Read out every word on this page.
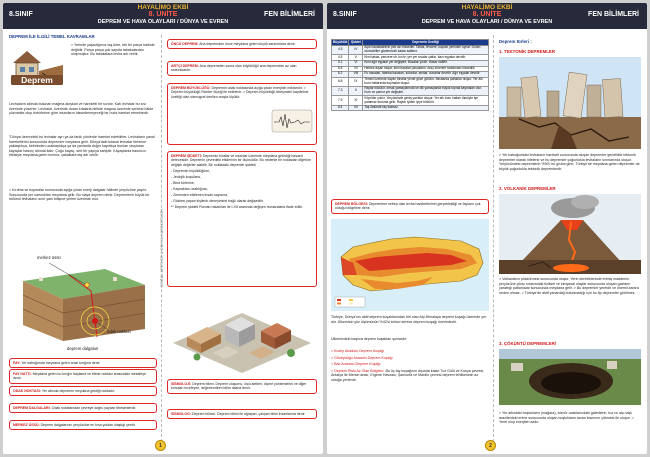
8.SINIF
HAYALİMO EKBİ
8. ÜNİTE
DEPREM VE HAVA OLAYLARI / DÜNYA VE EVREN
FEN BİLİMLERİ
DEPREM İLE İLGİLİ TEMEL KAVRAMLAR
Deprem
> Yerinde yaşadığımız taş küre, tek bir parça halinde değildir. Parça parça çok sayıda tabakalardan oluşmuştur. Bu tabakalara levha adı verilir.
Levhaların altında bulunan mağma akışkan ve hareketli bir sıvıdır. Katı levhalar bu sıvı üzerinde yüzerler. Levhalar, üzerinde duran kıtalarla birlikte magma üzerinde serbest hâlde yüzmekte olup birbirlerine göre insanların hissedemeyeceği bir hızla hareket etmektedir.
"Dünya üzerindeki bu levhalar ayrı ya da farklı yönlerde hareket edebilirler. Levhaların yanal hareketlerini sonucunda depremler meydana gelir. Dünya'daki kıtasal levhalar birbirine yaklaştıkça, birbirinden uzaklaştıkça ya da yanlarda doğru kaydıkça bunları oluşturan kayaçlar basınç altında kalır. Çoğu kayaç, sert bir yapıya sahiptir. Kayaçlarda basıncın etkisiyle meydana gelen kırılma, çatlaklara fay adı verilir.
> Kırılma ve kopmalar sonucunda açığa çıkan enerji dalgalar hâlinde yeryüzüne yayılır. Sonucunda yer sarsıntıları meydana gelir. Bu olaya deprem denir. Depremlerin büyük bir bölümü levhaların sınır yani bitişme yerleri üzerinde olur.
merkez üssü
odak noktası
deprem dalgaları
FAY: Yer kabuğunda meydana gelen arazi kırığına denir.
FAY HATTI: Meydana gelen bu kırığın başlama ve bitme noktası arasındaki mesafeye denir.
ODAK NOKTASI: Yer altında depremin meydana geldiği noktadır.
DEPREM DALGALARI: Odak noktasından çevreye doğru yayılan titreşimlerdir.
MERKEZ ÜSSÜ: Deprem dalgalarının yeryüzüne en kısa yoldan ulaştığı yerdir.
DOĞAL AFETLER & DÜNYA HAREKETLERİ
ÖNCÜ DEPREM: Ana depremden önce meydana gelen küçük sarsıntılara denir.
ARTÇI DEPREM: Ana depremden sonra olan büyüklüğü ana depremden az olan sarsıntılardır.
DEPREM BÜYÜKLÜĞÜ: Depremin odak noktasında açığa çıkan enerjinin miktarıdır. > Deprem büyüklüğü Richter ölçeği ile belirlenir. > Deprem büyüklüğü titreşimleri kaydetme özelliği olan sismograf denilen araçla ölçülür.
DEPREM ŞİDDETİ: Depremin binalar ve insanlar üzerinde meydana getirdiği hasarın derecesidir. Depremin çevredeki etkilerinin bir ölçüsüdür. Bu nedenle bir noktadan diğerine değişik değerler alabilir. Bir noktadaki depremin şiddeti;

- Depremin büyüklüğüne,

- Jeolojik koşullara,

- Bina türlerine,

- Kaynaktan uzaklığına,

- Zeminden etkilenen insan sayısına,

- Gözlem yapan kişilerin deneyimine bağlı olarak değişebilir.

** Deprem şiddeti Roman rakamları ile I-XII arasında değişen numaralarla ifade edilir.

SİSMOLOJİ: Deprem bilimi. Deprem oluşumu, ölçü aletleri, ölçme yöntemlerini ve diğer konuları inceleyen, değerlendiren bilim dalına denir.
SİSMOLOG: Deprem bilimci. Deprem bilimi ile uğraşan, çalışan bilim insanlarına denir.
1
8.SINIF
HAYALİMO EKBİ
8. ÜNİTE
DEPREM VE HAVA OLAYLARI / DÜNYA VE EVREN
FEN BİLİMLERİ
Büyüklük	Şiddet	Depremin Özelliği
4.3	IV	Açık havadakilerin pek azı hisseder. Tabak, tencere, kapılar yerinden oynar. Duran otomobiller gözlenecek kadar sallanır.
4.5	V	Kimi tabak, pencere vb. kırılır; yer yer sıvalar çatlar, bazı eşyalar devrilir.
5.1	VI	Kimi ağır eşyalar yer değiştirir. Bacalar yıkılır. Hasar hafiftir.
5.6	VII	Herkes dışarı kaçar; kimi bacalar parçalanır. Araç sürenler tarafından hissedilir.
6.2	VIII	Ev bacaları, fabrika bacaları, sütunlar, anıtlar, duvarlar devrilir. Ağır eşyalar devrilir.
6.8	IX	Temeli üzerinde kayan binalar yerde göze görülür. Binalarda çatlaklar oluşur. Yer altı boru hatlarında kopmalar oluşur.
7.3	X	Raylar bükülür. Irmak yamaçlarında ve dik yamaçlarda büyük toprak kaymaları olur. Kum ve çamur yer değiştirir.
7.9	XI	Köprüler yıkılır. Yeryüzünde geniş yarıklar oluşur. Yer altı boru hatları tümüyle işe yaramaz duruma gelir. Raylar iyiden iyiye bükülür.
8.4	XII	Taş üstünde taş kalmaz.
DEPREM BÖLGESİ: Depremlere sebep olan levha hareketlerinin gerçekleştiği ve fayların çok olduğu bölgelere denir.
Türkiye, Dünya'nın aktif deprem kuşaklarından biri olan Alp-Himalaya deprem kuşağı üzerinde yer alır. Ülkemizin yüz ölçümünün %42'si birinci derece deprem kuşağı üzerindedir.
Ülkemizdeki başlıca deprem kuşakları şunlardır:

> Kuzey Anadolu Deprem Kuşağı

> Güneydoğu Anadolu Deprem Kuşağı

> Batı Anadolu Deprem Kuşağı

> Deprem Riski Az Olan Bölgeler: Bu üç fay kuşağının dışında kalan Tuz Gölü ve Konya çevresi, Antalya ile Mersin arası, Ergene Havzası, Şanlıurfa ve Mardin çevresi deprem tehlikesinin az olduğu yerlerdir.

Deprem türleri :
1. TEKTONİK DEPREMLER
> Yer kabuğundaki levhaların hareketi sonucunda oluşan depremler genellikle tektonik depremler olarak nitelenir ve bu depremler çoğunlukla levhaların sınırlarında oluşur. Yeryüzündeki depremlerin %90'ı bu gruba girer. Türkiye'de meydana gelen depremler de büyük çoğunlukla tektonik depremlerdir.
2. VOLKANİK DEPREMLER
> Volkanların püskürmesi sonucunda oluşur. Yerin derinliklerinde erimiş maddenin yeryüzüne çıkışı sırasındaki fiziksel ve kimyasal olaylar sonucunda oluşan gazların yarattığı patlamalar sonucunda meydana gelir. > Bu depremler yereldir ve önemli zarara neden olmaz. > Türkiye'de aktif yanardağ bulunmadığı için bu tip depremler görülmez.
3. ÇÖKÜNTÜ DEPREMLERİ
> Yer altındaki boşlukların (mağara), kömür ocaklarındaki galerilerin, tuz ve alçı taşlı arazilerdeki erime sonucunda oluşan boşlukların tavan kısmının çökmesi ile oluşur. > Yerel olup enerjileri azdır.
2
